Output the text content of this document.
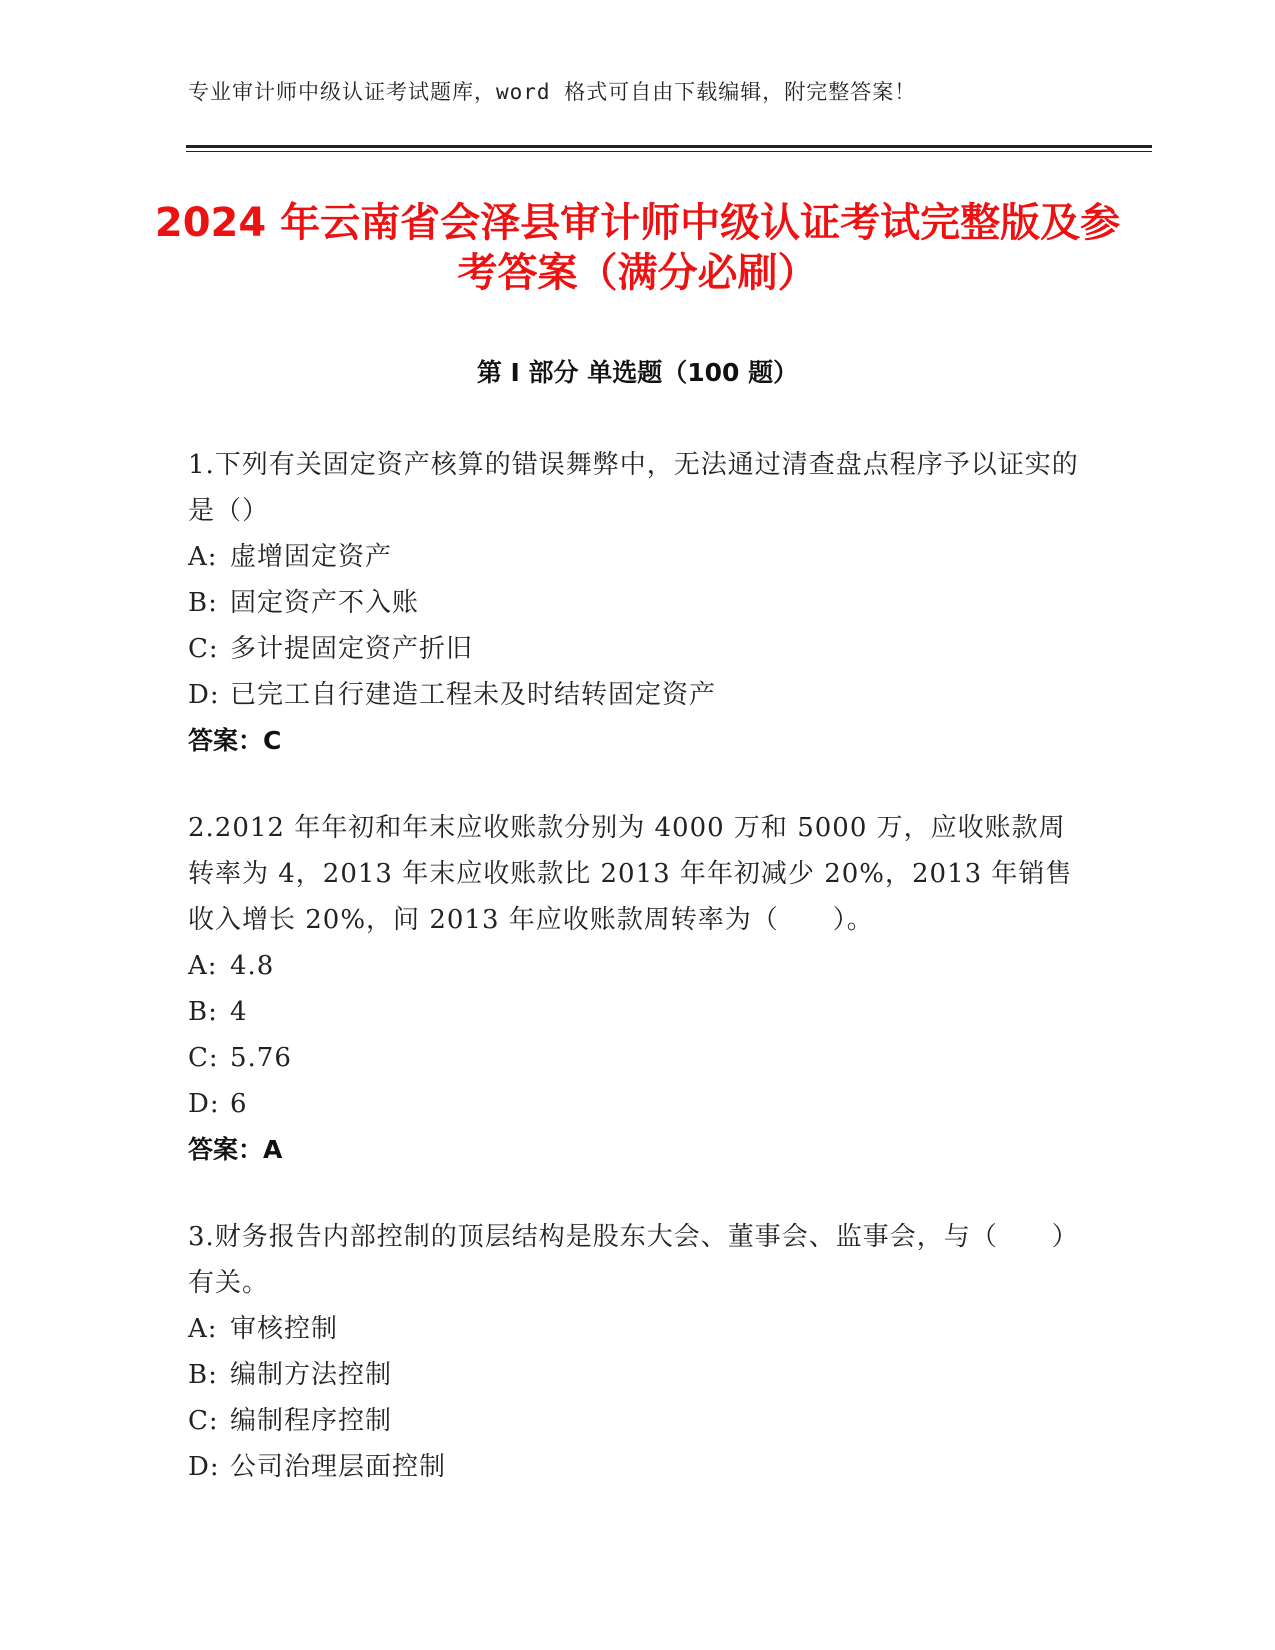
专业审计师中级认证考试题库，word 格式可自由下载编辑，附完整答案！
2024 年云南省会泽县审计师中级认证考试完整版及参考答案（满分必刷）
第 I 部分 单选题（100 题）
1.下列有关固定资产核算的错误舞弊中，无法通过清查盘点程序予以证实的是（）
A: 虚增固定资产
B: 固定资产不入账
C: 多计提固定资产折旧
D: 已完工自行建造工程未及时结转固定资产
答案：C
2.2012 年年初和年末应收账款分别为 4000 万和 5000 万，应收账款周转率为 4，2013 年末应收账款比 2013 年年初减少 20%，2013 年销售收入增长 20%，问 2013 年应收账款周转率为（　　）。
A: 4.8
B: 4
C: 5.76
D: 6
答案：A
3.财务报告内部控制的顶层结构是股东大会、董事会、监事会，与（　　）有关。
A: 审核控制
B: 编制方法控制
C: 编制程序控制
D: 公司治理层面控制
